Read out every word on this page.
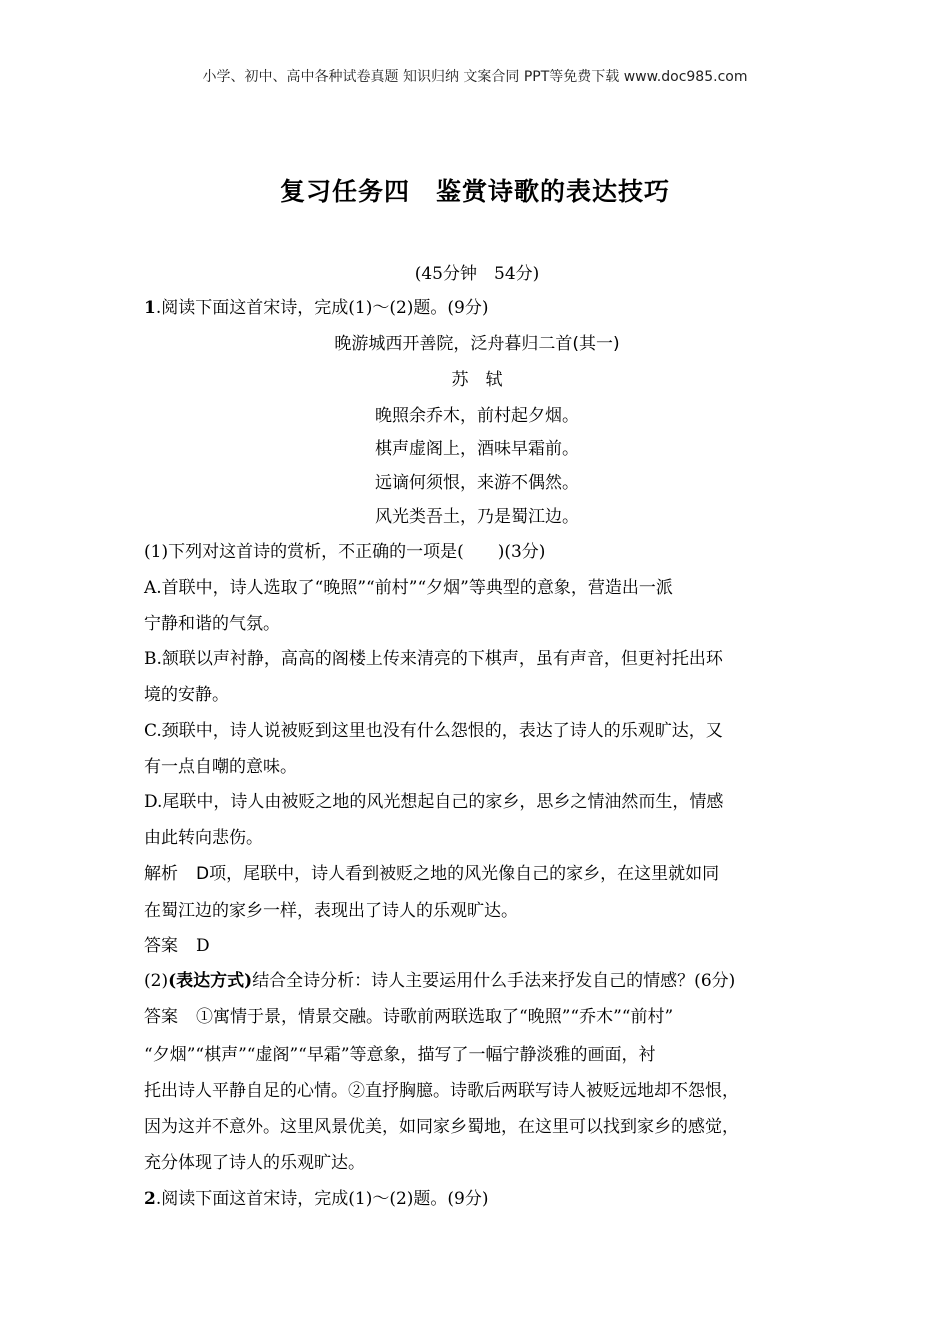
小学、初中、高中各种试卷真题 知识归纳 文案合同 PPT等免费下载 www.doc985.com
复习任务四　鉴赏诗歌的表达技巧
(45分钟　54分)
1.阅读下面这首宋诗，完成(1)～(2)题。(9分)
晚游城西开善院，泛舟暮归二首(其一)
苏　轼
晚照余乔木，前村起夕烟。
棋声虚阁上，酒味早霜前。
远谪何须恨，来游不偶然。
风光类吾土，乃是蜀江边。
(1)下列对这首诗的赏析，不正确的一项是(　　)(3分)
A.首联中，诗人选取了“晚照”“前村”“夕烟”等典型的意象，营造出一派
宁静和谐的气氛。
B.颔联以声衬静，高高的阁楼上传来清亮的下棋声，虽有声音，但更衬托出环
境的安静。
C.颈联中，诗人说被贬到这里也没有什么怨恨的，表达了诗人的乐观旷达，又
有一点自嘲的意味。
D.尾联中，诗人由被贬之地的风光想起自己的家乡，思乡之情油然而生，情感
由此转向悲伤。
解析 D项，尾联中，诗人看到被贬之地的风光像自己的家乡，在这里就如同
在蜀江边的家乡一样，表现出了诗人的乐观旷达。
答案 D
(2)(表达方式)结合全诗分析：诗人主要运用什么手法来抒发自己的情感？(6分)
答案 ①寓情于景，情景交融。诗歌前两联选取了“晚照”“乔木”“前村”
“夕烟”“棋声”“虚阁”“早霜”等意象，描写了一幅宁静淡雅的画面，衬
托出诗人平静自足的心情。②直抒胸臆。诗歌后两联写诗人被贬远地却不怨恨，
因为这并不意外。这里风景优美，如同家乡蜀地，在这里可以找到家乡的感觉，
充分体现了诗人的乐观旷达。
2.阅读下面这首宋诗，完成(1)～(2)题。(9分)
